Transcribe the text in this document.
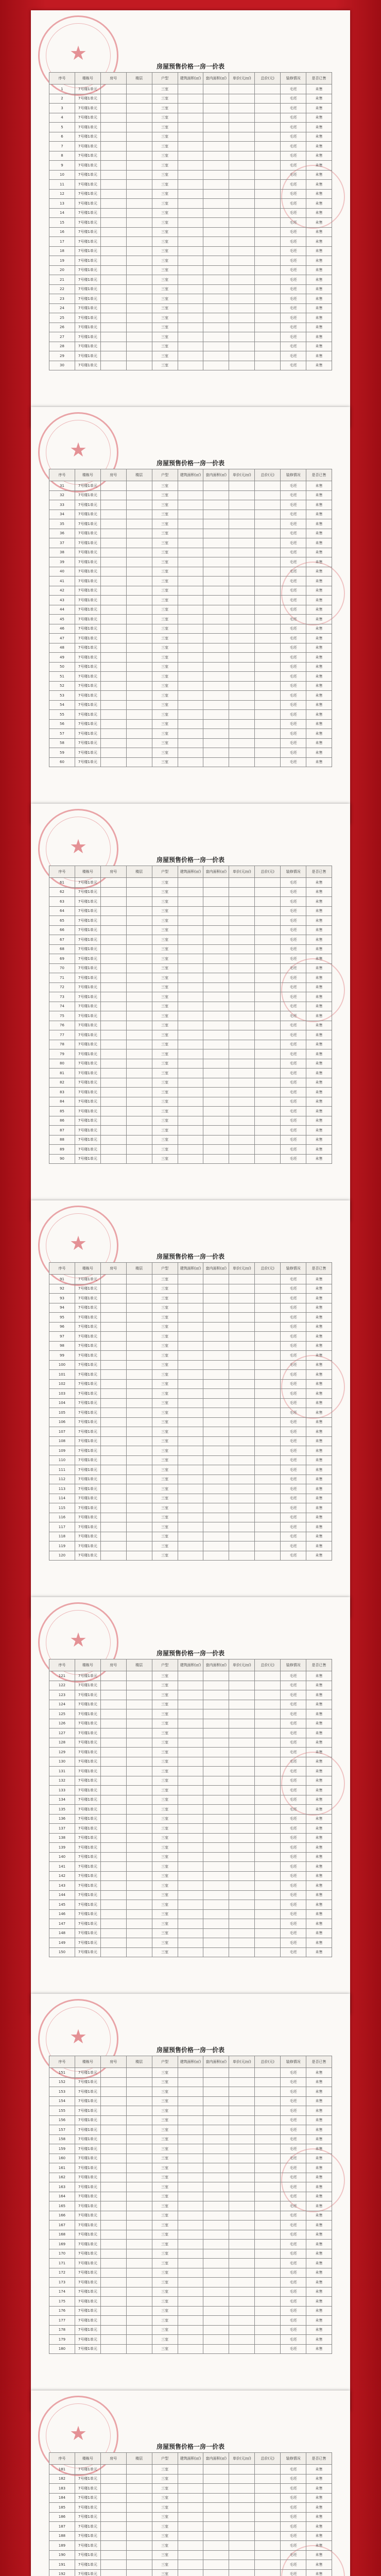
★
房屋预售价格一房一价表
序号	楼栋号	房号	楼层	户型	建筑面积(㎡)	套内面积(㎡)	单价(元/㎡)	总价(元)	装修情况	是否已售
1	7号楼1单元			三室					毛坯	未售
2	7号楼1单元			三室					毛坯	未售
3	7号楼1单元			三室					毛坯	未售
4	7号楼1单元			三室					毛坯	未售
5	7号楼1单元			三室					毛坯	未售
6	7号楼1单元			三室					毛坯	未售
7	7号楼1单元			三室					毛坯	未售
8	7号楼1单元			三室					毛坯	未售
9	7号楼1单元			三室					毛坯	未售
10	7号楼1单元			三室					毛坯	未售
11	7号楼1单元			三室					毛坯	未售
12	7号楼1单元			三室					毛坯	未售
13	7号楼1单元			三室					毛坯	未售
14	7号楼1单元			三室					毛坯	未售
15	7号楼1单元			三室					毛坯	未售
16	7号楼1单元			三室					毛坯	未售
17	7号楼1单元			三室					毛坯	未售
18	7号楼1单元			三室					毛坯	未售
19	7号楼1单元			三室					毛坯	未售
20	7号楼1单元			三室					毛坯	未售
21	7号楼1单元			三室					毛坯	未售
22	7号楼1单元			三室					毛坯	未售
23	7号楼1单元			三室					毛坯	未售
24	7号楼1单元			三室					毛坯	未售
25	7号楼1单元			三室					毛坯	未售
26	7号楼1单元			三室					毛坯	未售
27	7号楼1单元			三室					毛坯	未售
28	7号楼1单元			三室					毛坯	未售
29	7号楼1单元			三室					毛坯	未售
30	7号楼1单元			三室					毛坯	未售
★
房屋预售价格一房一价表
序号	楼栋号	房号	楼层	户型	建筑面积(㎡)	套内面积(㎡)	单价(元/㎡)	总价(元)	装修情况	是否已售
31	7号楼1单元			三室					毛坯	未售
32	7号楼1单元			三室					毛坯	未售
33	7号楼1单元			三室					毛坯	未售
34	7号楼1单元			三室					毛坯	未售
35	7号楼1单元			三室					毛坯	未售
36	7号楼1单元			三室					毛坯	未售
37	7号楼1单元			三室					毛坯	未售
38	7号楼1单元			三室					毛坯	未售
39	7号楼1单元			三室					毛坯	未售
40	7号楼1单元			三室					毛坯	未售
41	7号楼1单元			三室					毛坯	未售
42	7号楼1单元			三室					毛坯	未售
43	7号楼1单元			三室					毛坯	未售
44	7号楼1单元			三室					毛坯	未售
45	7号楼1单元			三室					毛坯	未售
46	7号楼1单元			三室					毛坯	未售
47	7号楼1单元			三室					毛坯	未售
48	7号楼1单元			三室					毛坯	未售
49	7号楼1单元			三室					毛坯	未售
50	7号楼1单元			三室					毛坯	未售
51	7号楼1单元			三室					毛坯	未售
52	7号楼1单元			三室					毛坯	未售
53	7号楼1单元			三室					毛坯	未售
54	7号楼1单元			三室					毛坯	未售
55	7号楼1单元			三室					毛坯	未售
56	7号楼1单元			三室					毛坯	未售
57	7号楼1单元			三室					毛坯	未售
58	7号楼1单元			三室					毛坯	未售
59	7号楼1单元			三室					毛坯	未售
60	7号楼1单元			三室					毛坯	未售
★
房屋预售价格一房一价表
序号	楼栋号	房号	楼层	户型	建筑面积(㎡)	套内面积(㎡)	单价(元/㎡)	总价(元)	装修情况	是否已售
61	7号楼1单元			三室					毛坯	未售
62	7号楼1单元			三室					毛坯	未售
63	7号楼1单元			三室					毛坯	未售
64	7号楼1单元			三室					毛坯	未售
65	7号楼1单元			三室					毛坯	未售
66	7号楼1单元			三室					毛坯	未售
67	7号楼1单元			三室					毛坯	未售
68	7号楼1单元			三室					毛坯	未售
69	7号楼1单元			三室					毛坯	未售
70	7号楼1单元			三室					毛坯	未售
71	7号楼1单元			三室					毛坯	未售
72	7号楼1单元			三室					毛坯	未售
73	7号楼1单元			三室					毛坯	未售
74	7号楼1单元			三室					毛坯	未售
75	7号楼1单元			三室					毛坯	未售
76	7号楼1单元			三室					毛坯	未售
77	7号楼1单元			三室					毛坯	未售
78	7号楼1单元			三室					毛坯	未售
79	7号楼1单元			三室					毛坯	未售
80	7号楼1单元			三室					毛坯	未售
81	7号楼1单元			三室					毛坯	未售
82	7号楼1单元			三室					毛坯	未售
83	7号楼1单元			三室					毛坯	未售
84	7号楼1单元			三室					毛坯	未售
85	7号楼1单元			三室					毛坯	未售
86	7号楼1单元			三室					毛坯	未售
87	7号楼1单元			三室					毛坯	未售
88	7号楼1单元			三室					毛坯	未售
89	7号楼1单元			三室					毛坯	未售
90	7号楼1单元			三室					毛坯	未售
★
房屋预售价格一房一价表
序号	楼栋号	房号	楼层	户型	建筑面积(㎡)	套内面积(㎡)	单价(元/㎡)	总价(元)	装修情况	是否已售
91	7号楼1单元			三室					毛坯	未售
92	7号楼1单元			三室					毛坯	未售
93	7号楼1单元			三室					毛坯	未售
94	7号楼1单元			三室					毛坯	未售
95	7号楼1单元			三室					毛坯	未售
96	7号楼1单元			三室					毛坯	未售
97	7号楼1单元			三室					毛坯	未售
98	7号楼1单元			三室					毛坯	未售
99	7号楼1单元			三室					毛坯	未售
100	7号楼1单元			三室					毛坯	未售
101	7号楼1单元			三室					毛坯	未售
102	7号楼1单元			三室					毛坯	未售
103	7号楼1单元			三室					毛坯	未售
104	7号楼1单元			三室					毛坯	未售
105	7号楼1单元			三室					毛坯	未售
106	7号楼1单元			三室					毛坯	未售
107	7号楼1单元			三室					毛坯	未售
108	7号楼1单元			三室					毛坯	未售
109	7号楼1单元			三室					毛坯	未售
110	7号楼1单元			三室					毛坯	未售
111	7号楼1单元			三室					毛坯	未售
112	7号楼1单元			三室					毛坯	未售
113	7号楼1单元			三室					毛坯	未售
114	7号楼1单元			三室					毛坯	未售
115	7号楼1单元			三室					毛坯	未售
116	7号楼1单元			三室					毛坯	未售
117	7号楼1单元			三室					毛坯	未售
118	7号楼1单元			三室					毛坯	未售
119	7号楼1单元			三室					毛坯	未售
120	7号楼1单元			三室					毛坯	未售
★
房屋预售价格一房一价表
序号	楼栋号	房号	楼层	户型	建筑面积(㎡)	套内面积(㎡)	单价(元/㎡)	总价(元)	装修情况	是否已售
121	7号楼1单元			三室					毛坯	未售
122	7号楼1单元			三室					毛坯	未售
123	7号楼1单元			三室					毛坯	未售
124	7号楼1单元			三室					毛坯	未售
125	7号楼1单元			三室					毛坯	未售
126	7号楼1单元			三室					毛坯	未售
127	7号楼1单元			三室					毛坯	未售
128	7号楼1单元			三室					毛坯	未售
129	7号楼1单元			三室					毛坯	未售
130	7号楼1单元			三室					毛坯	未售
131	7号楼1单元			三室					毛坯	未售
132	7号楼1单元			三室					毛坯	未售
133	7号楼1单元			三室					毛坯	未售
134	7号楼1单元			三室					毛坯	未售
135	7号楼1单元			三室					毛坯	未售
136	7号楼1单元			三室					毛坯	未售
137	7号楼1单元			三室					毛坯	未售
138	7号楼1单元			三室					毛坯	未售
139	7号楼1单元			三室					毛坯	未售
140	7号楼1单元			三室					毛坯	未售
141	7号楼1单元			三室					毛坯	未售
142	7号楼1单元			三室					毛坯	未售
143	7号楼1单元			三室					毛坯	未售
144	7号楼1单元			三室					毛坯	未售
145	7号楼1单元			三室					毛坯	未售
146	7号楼1单元			三室					毛坯	未售
147	7号楼1单元			三室					毛坯	未售
148	7号楼1单元			三室					毛坯	未售
149	7号楼1单元			三室					毛坯	未售
150	7号楼1单元			三室					毛坯	未售
★
房屋预售价格一房一价表
序号	楼栋号	房号	楼层	户型	建筑面积(㎡)	套内面积(㎡)	单价(元/㎡)	总价(元)	装修情况	是否已售
151	7号楼1单元			三室					毛坯	未售
152	7号楼1单元			三室					毛坯	未售
153	7号楼1单元			三室					毛坯	未售
154	7号楼1单元			三室					毛坯	未售
155	7号楼1单元			三室					毛坯	未售
156	7号楼1单元			三室					毛坯	未售
157	7号楼1单元			三室					毛坯	未售
158	7号楼1单元			三室					毛坯	未售
159	7号楼1单元			三室					毛坯	未售
160	7号楼1单元			三室					毛坯	未售
161	7号楼1单元			三室					毛坯	未售
162	7号楼1单元			三室					毛坯	未售
163	7号楼1单元			三室					毛坯	未售
164	7号楼1单元			三室					毛坯	未售
165	7号楼1单元			三室					毛坯	未售
166	7号楼1单元			三室					毛坯	未售
167	7号楼1单元			三室					毛坯	未售
168	7号楼1单元			三室					毛坯	未售
169	7号楼1单元			三室					毛坯	未售
170	7号楼1单元			三室					毛坯	未售
171	7号楼1单元			三室					毛坯	未售
172	7号楼1单元			三室					毛坯	未售
173	7号楼1单元			三室					毛坯	未售
174	7号楼1单元			三室					毛坯	未售
175	7号楼1单元			三室					毛坯	未售
176	7号楼1单元			三室					毛坯	未售
177	7号楼1单元			三室					毛坯	未售
178	7号楼1单元			三室					毛坯	未售
179	7号楼1单元			三室					毛坯	未售
180	7号楼1单元			三室					毛坯	未售
★
房屋预售价格一房一价表
序号	楼栋号	房号	楼层	户型	建筑面积(㎡)	套内面积(㎡)	单价(元/㎡)	总价(元)	装修情况	是否已售
181	7号楼1单元			三室					毛坯	未售
182	7号楼1单元			三室					毛坯	未售
183	7号楼1单元			三室					毛坯	未售
184	7号楼1单元			三室					毛坯	未售
185	7号楼1单元			三室					毛坯	未售
186	7号楼1单元			三室					毛坯	未售
187	7号楼1单元			三室					毛坯	未售
188	7号楼1单元			三室					毛坯	未售
189	7号楼1单元			三室					毛坯	未售
190	7号楼1单元			三室					毛坯	未售
191	7号楼1单元			三室					毛坯	未售
192	7号楼1单元			三室					毛坯	未售
